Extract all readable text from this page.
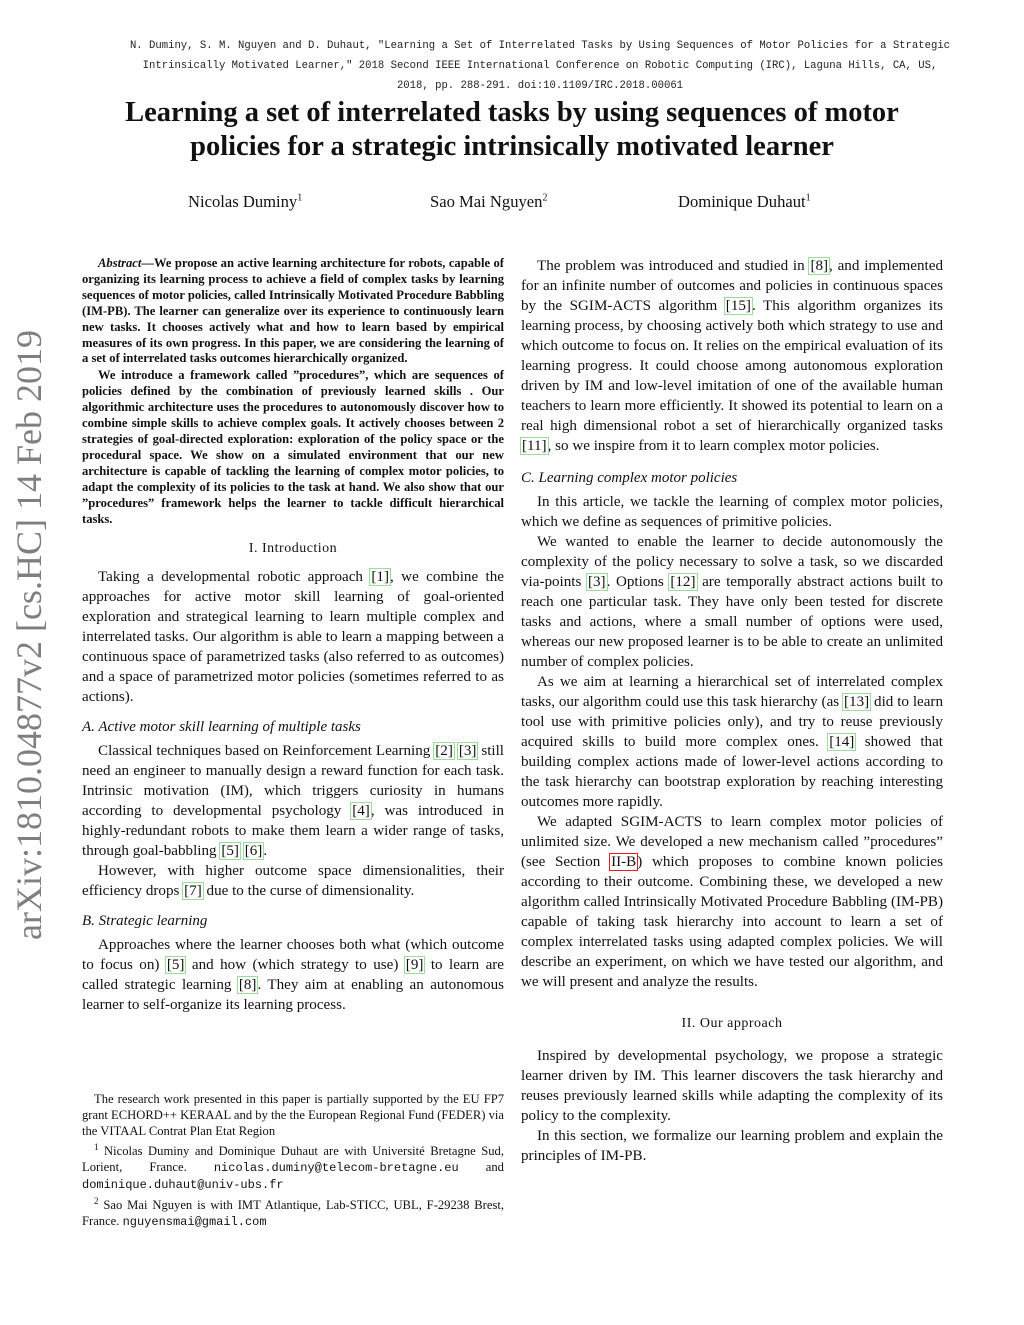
N. Duminy, S. M. Nguyen and D. Duhaut, "Learning a Set of Interrelated Tasks by Using Sequences of Motor Policies for a Strategic
Intrinsically Motivated Learner," 2018 Second IEEE International Conference on Robotic Computing (IRC), Laguna Hills, CA, US,
2018, pp. 288-291. doi:10.1109/IRC.2018.00061
Learning a set of interrelated tasks by using sequences of motor
policies for a strategic intrinsically motivated learner
Nicolas Duminy$^1$	Sao Mai Nguyen$^2$	Dominique Duhaut$^1$
arXiv:1810.04877v2 [cs.HC] 14 Feb 2019

Abstract—We propose an active learning architecture for robots, capable of organizing its learning process to achieve a field of complex tasks by learning sequences of motor policies, called Intrinsically Motivated Procedure Babbling (IM-PB). The learner can generalize over its experience to continuously learn new tasks. It chooses actively what and how to learn based by empirical measures of its own progress. In this paper, we are considering the learning of a set of interrelated tasks outcomes hierarchically organized.

We introduce a framework called ”procedures”, which are sequences of policies defined by the combination of previously learned skills . Our algorithmic architecture uses the procedures to autonomously discover how to combine simple skills to achieve complex goals. It actively chooses between 2 strategies of goal-directed exploration: exploration of the policy space or the procedural space. We show on a simulated environment that our new architecture is capable of tackling the learning of complex motor policies, to adapt the complexity of its policies to the task at hand. We also show that our ”procedures” framework helps the learner to tackle difficult hierarchical tasks.

I. Introduction

Taking a developmental robotic approach [1], we combine the approaches for active motor skill learning of goal-oriented exploration and strategical learning to learn multiple complex and interrelated tasks. Our algorithm is able to learn a mapping between a continuous space of parametrized tasks (also referred to as outcomes) and a space of parametrized motor policies (sometimes referred to as actions).

A. Active motor skill learning of multiple tasks

Classical techniques based on Reinforcement Learning [2] [3] still need an engineer to manually design a reward function for each task. Intrinsic motivation (IM), which triggers curiosity in humans according to developmental psychology [4], was introduced in highly-redundant robots to make them learn a wider range of tasks, through goal-babbling [5] [6].

However, with higher outcome space dimensionalities, their efficiency drops [7] due to the curse of dimensionality.

B. Strategic learning

Approaches where the learner chooses both what (which outcome to focus on) [5] and how (which strategy to use) [9] to learn are called strategic learning [8]. They aim at enabling an autonomous learner to self-organize its learning process.

The research work presented in this paper is partially supported by the EU FP7 grant ECHORD++ KERAAL and by the the European Regional Fund (FEDER) via the VITAAL Contrat Plan Etat Region

$^1$ Nicolas Duminy and Dominique Duhaut are with Université Bretagne Sud, Lorient, France. nicolas.duminy@telecom-bretagne.eu and dominique.duhaut@univ-ubs.fr

$^2$ Sao Mai Nguyen is with IMT Atlantique, Lab-STICC, UBL, F-29238 Brest, France. nguyensmai@gmail.com

The problem was introduced and studied in [8], and implemented for an infinite number of outcomes and policies in continuous spaces by the SGIM-ACTS algorithm [15]. This algorithm organizes its learning process, by choosing actively both which strategy to use and which outcome to focus on. It relies on the empirical evaluation of its learning progress. It could choose among autonomous exploration driven by IM and low-level imitation of one of the available human teachers to learn more efficiently. It showed its potential to learn on a real high dimensional robot a set of hierarchically organized tasks [11], so we inspire from it to learn complex motor policies.

C. Learning complex motor policies

In this article, we tackle the learning of complex motor policies, which we define as sequences of primitive policies.

We wanted to enable the learner to decide autonomously the complexity of the policy necessary to solve a task, so we discarded via-points [3]. Options [12] are temporally abstract actions built to reach one particular task. They have only been tested for discrete tasks and actions, where a small number of options were used, whereas our new proposed learner is to be able to create an unlimited number of complex policies.

As we aim at learning a hierarchical set of interrelated complex tasks, our algorithm could use this task hierarchy (as [13] did to learn tool use with primitive policies only), and try to reuse previously acquired skills to build more complex ones. [14] showed that building complex actions made of lower-level actions according to the task hierarchy can bootstrap exploration by reaching interesting outcomes more rapidly.

We adapted SGIM-ACTS to learn complex motor policies of unlimited size. We developed a new mechanism called ”procedures” (see Section II-B) which proposes to combine known policies according to their outcome. Combining these, we developed a new algorithm called Intrinsically Motivated Procedure Babbling (IM-PB) capable of taking task hierarchy into account to learn a set of complex interrelated tasks using adapted complex policies. We will describe an experiment, on which we have tested our algorithm, and we will present and analyze the results.

II. Our approach

Inspired by developmental psychology, we propose a strategic learner driven by IM. This learner discovers the task hierarchy and reuses previously learned skills while adapting the complexity of its policy to the complexity.

In this section, we formalize our learning problem and explain the principles of IM-PB.
